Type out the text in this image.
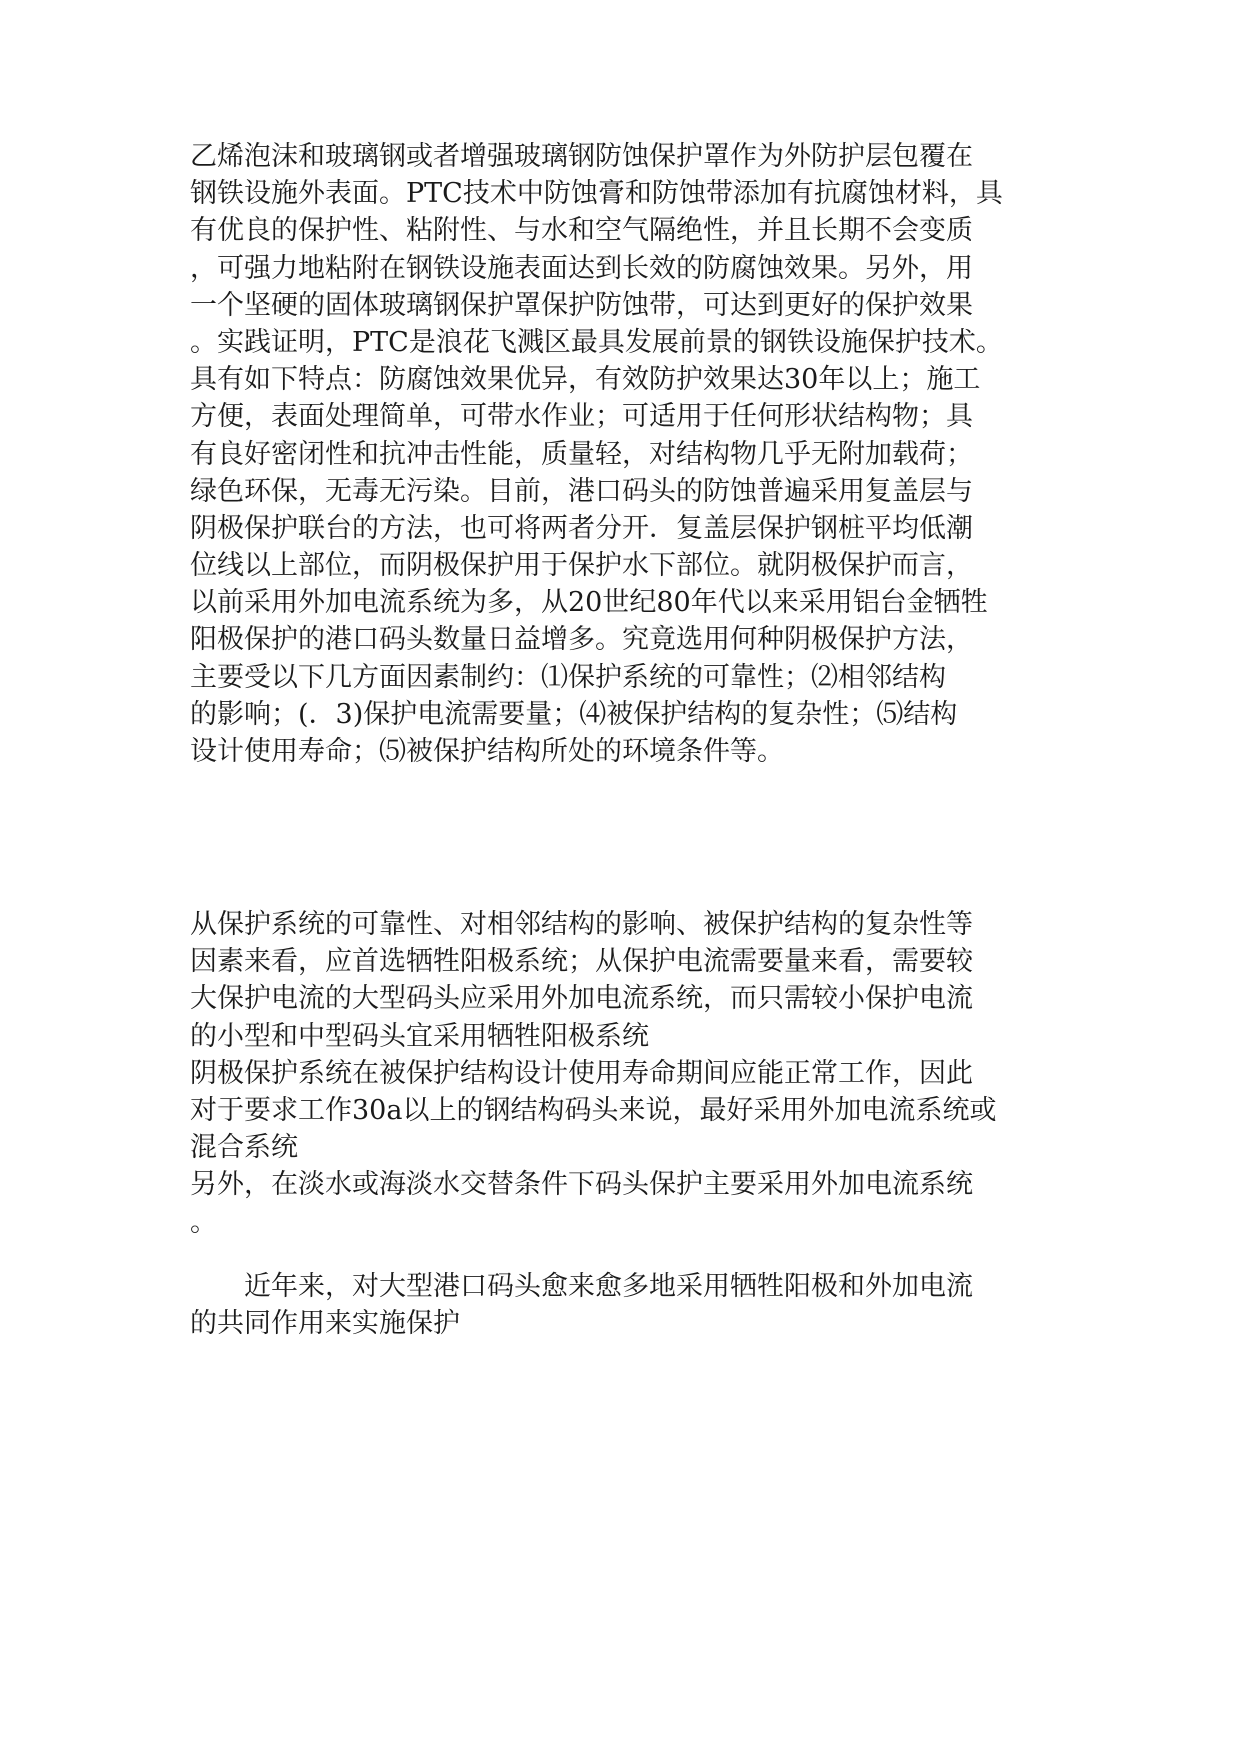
乙烯泡沫和玻璃钢或者增强玻璃钢防蚀保护罩作为外防护层包覆在
钢铁设施外表面。PTC技术中防蚀膏和防蚀带添加有抗腐蚀材料，具
有优良的保护性、粘附性、与水和空气隔绝性，并且长期不会变质
，可强力地粘附在钢铁设施表面达到长效的防腐蚀效果。另外，用
一个坚硬的固体玻璃钢保护罩保护防蚀带，可达到更好的保护效果
。实践证明，PTC是浪花飞溅区最具发展前景的钢铁设施保护技术。
具有如下特点：防腐蚀效果优异，有效防护效果达30年以上；施工
方便，表面处理简单，可带水作业；可适用于任何形状结构物；具
有良好密闭性和抗冲击性能，质量轻，对结构物几乎无附加载荷；
绿色环保，无毒无污染。目前，港口码头的防蚀普遍采用复盖层与
阴极保护联台的方法，也可将两者分开．复盖层保护钢桩平均低潮
位线以上部位，而阴极保护用于保护水下部位。就阴极保护而言，
以前采用外加电流系统为多，从20世纪80年代以来采用铝台金牺牲
阳极保护的港口码头数量日益增多。究竟选用何种阴极保护方法，
主要受以下几方面因素制约：⑴保护系统的可靠性；⑵相邻结构
的影响；(．3)保护电流需要量；⑷被保护结构的复杂性；⑸结构
设计使用寿命；⑸被保护结构所处的环境条件等。
从保护系统的可靠性、对相邻结构的影响、被保护结构的复杂性等
因素来看，应首选牺牲阳极系统；从保护电流需要量来看，需要较
大保护电流的大型码头应采用外加电流系统，而只需较小保护电流
的小型和中型码头宜采用牺牲阳极系统
阴极保护系统在被保护结构设计使用寿命期间应能正常工作，因此
对于要求工作30a以上的钢结构码头来说，最好采用外加电流系统或
混合系统
另外，在淡水或海淡水交替条件下码头保护主要采用外加电流系统
。
近年来，对大型港口码头愈来愈多地采用牺牲阳极和外加电流
的共同作用来实施保护
